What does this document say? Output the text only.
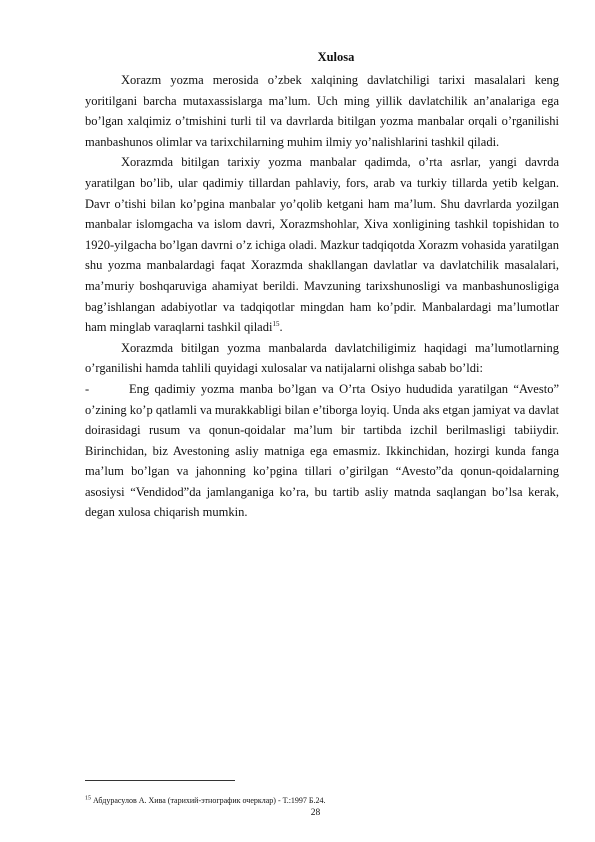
Xulosa

Xorazm yozma merosida o’zbek xalqining davlatchiligi tarixi masalalari keng yoritilgani barcha mutaxassislarga ma’lum. Uch ming yillik davlatchilik an’analariga ega bo’lgan xalqimiz o’tmishini turli til va davrlarda bitilgan yozma manbalar orqali o’rganilishi manbashunos olimlar va tarixchilarning muhim ilmiy yo’nalishlarini tashkil qiladi.

Xorazmda bitilgan tarixiy yozma manbalar qadimda, o’rta asrlar, yangi davrda yaratilgan bo’lib, ular qadimiy tillardan pahlaviy, fors, arab va turkiy tillarda yetib kelgan. Davr o’tishi bilan ko’pgina manbalar yo’qolib ketgani ham ma’lum. Shu davrlarda yozilgan manbalar islomgacha va islom davri, Xorazmshohlar, Xiva xonligining tashkil topishidan to 1920-yilgacha bo’lgan davrni o’z ichiga oladi. Mazkur tadqiqotda Xorazm vohasida yaratilgan shu yozma manbalardagi faqat Xorazmda shakllangan davlatlar va davlatchilik masalalari, ma’muriy boshqaruviga ahamiyat berildi. Mavzuning tarixshunosligi va manbashunosligiga bag’ishlangan adabiyotlar va tadqiqotlar mingdan ham ko’pdir. Manbalardagi ma’lumotlar ham minglab varaqlarni tashkil qiladi$^{15}$.

Xorazmda bitilgan yozma manbalarda davlatchiligimiz haqidagi ma’lumotlarning o’rganilishi hamda tahlili quyidagi xulosalar va natijalarni olishga sabab bo’ldi:

-	Eng qadimiy yozma manba bo’lgan va O’rta Osiyo hududida yaratilgan “Avesto” o’zining ko’p qatlamli va murakkabligi bilan e’tiborga loyiq. Unda aks etgan jamiyat va davlat doirasidagi rusum va qonun-qoidalar ma’lum bir tartibda izchil berilmasligi tabiiydir. Birinchidan, biz Avestoning asliy matniga ega emasmiz. Ikkinchidan, hozirgi kunda fanga ma’lum bo’lgan va jahonning ko’pgina tillari o’girilgan “Avesto”da qonun-qoidalarning asosiysi “Vendidod”da jamlanganiga ko’ra, bu tartib asliy matnda saqlangan bo’lsa kerak, degan xulosa chiqarish mumkin.

$^{15}$ Абдурасулов А. Хива (тарихий-этнографик очерклар) - Т.:1997 Б.24.
28
